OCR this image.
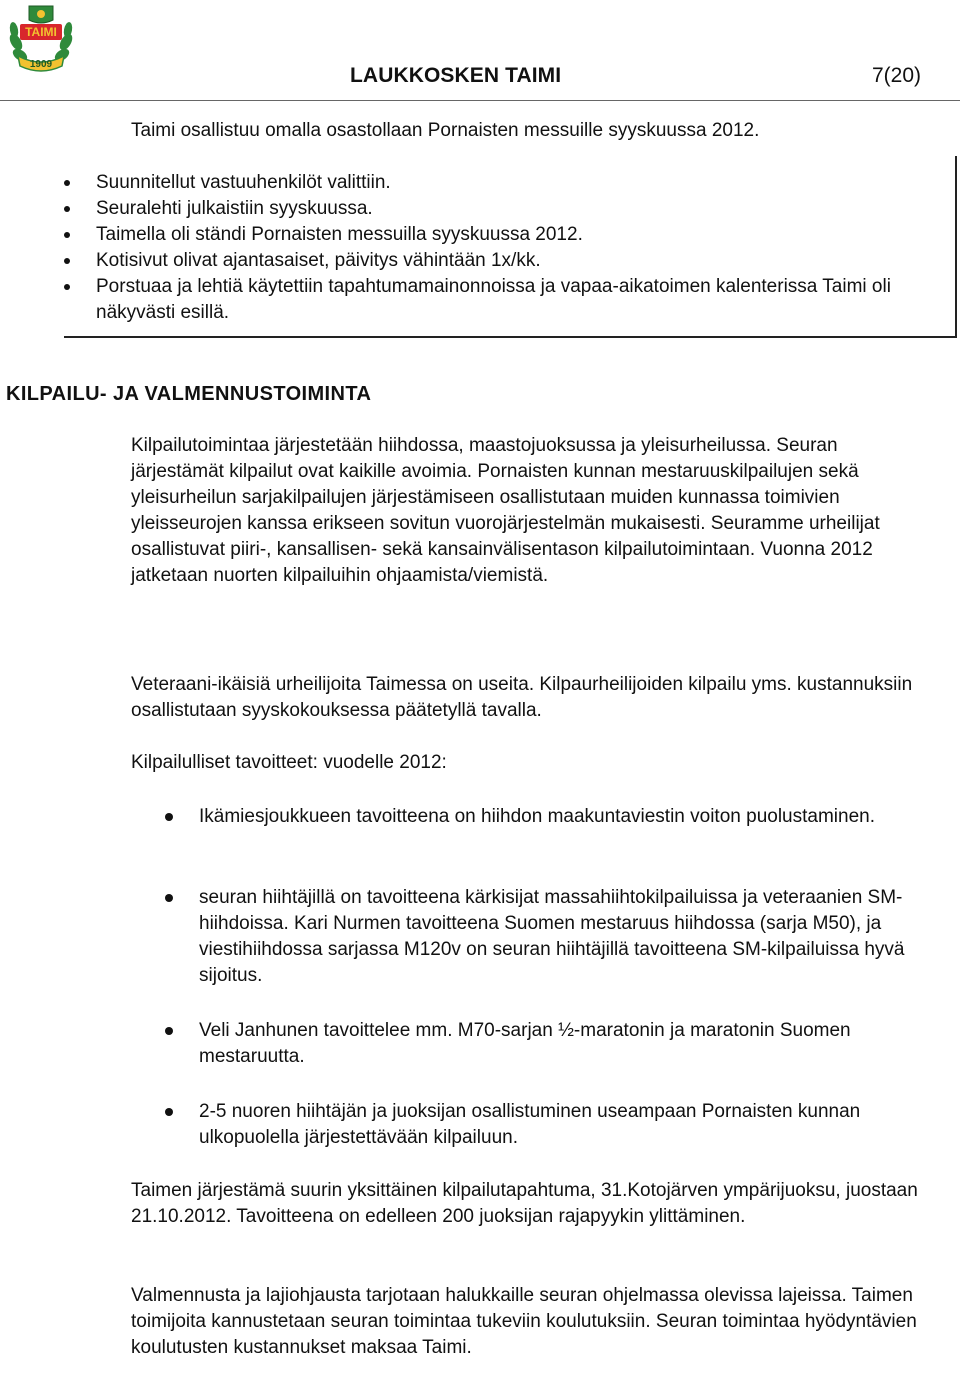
TAIMI
1909	LAUKKOSKEN TAIMI	7(20)
Taimi osallistuu omalla osastollaan Pornaisten messuille syyskuussa 2012.
Suunnitellut vastuuhenkilöt valittiin.
Seuralehti julkaistiin syyskuussa.
Taimella oli ständi Pornaisten messuilla syyskuussa 2012.
Kotisivut olivat ajantasaiset, päivitys vähintään 1x/kk.
Porstuaa ja lehtiä käytettiin tapahtumamainonnoissa ja vapaa-aikatoimen kalenterissa Taimi oli näkyvästi esillä.
KILPAILU- JA VALMENNUSTOIMINTA
Kilpailutoimintaa järjestetään hiihdossa, maastojuoksussa ja yleisurheilussa. Seuran järjestämät kilpailut ovat kaikille avoimia. Pornaisten kunnan mestaruuskilpailujen sekä yleisurheilun sarjakilpailujen järjestämiseen osallistutaan muiden kunnassa toimivien yleisseurojen kanssa erikseen sovitun vuorojärjestelmän mukaisesti. Seuramme urheilijat osallistuvat piiri-, kansallisen- sekä kansainvälisentason kilpailutoimintaan. Vuonna 2012 jatketaan nuorten kilpailuihin ohjaamista/viemistä.
Veteraani-ikäisiä urheilijoita Taimessa on useita. Kilpaurheilijoiden kilpailu yms. kustannuksiin osallistutaan syyskokouksessa päätetyllä tavalla.
Kilpailulliset tavoitteet: vuodelle 2012:
Ikämiesjoukkueen tavoitteena on hiihdon maakuntaviestin voiton puolustaminen.
seuran hiihtäjillä on tavoitteena kärkisijat massahiihtokilpailuissa ja veteraanien SM-hiihdoissa. Kari Nurmen tavoitteena Suomen mestaruus hiihdossa (sarja M50), ja viestihiihdossa sarjassa M120v on seuran hiihtäjillä tavoitteena SM-kilpailuissa hyvä sijoitus.
Veli Janhunen tavoittelee mm. M70-sarjan ½-maratonin ja maratonin Suomen mestaruutta.
2-5 nuoren hiihtäjän ja juoksijan osallistuminen useampaan Pornaisten kunnan ulkopuolella järjestettävään kilpailuun.
Taimen järjestämä suurin yksittäinen kilpailutapahtuma, 31.Kotojärven ympärijuoksu, juostaan 21.10.2012. Tavoitteena on edelleen 200 juoksijan rajapyykin ylittäminen.
Valmennusta ja lajiohjausta tarjotaan halukkaille seuran ohjelmassa olevissa lajeissa. Taimen toimijoita kannustetaan seuran toimintaa tukeviin koulutuksiin. Seuran toimintaa hyödyntävien koulutusten kustannukset maksaa Taimi.
